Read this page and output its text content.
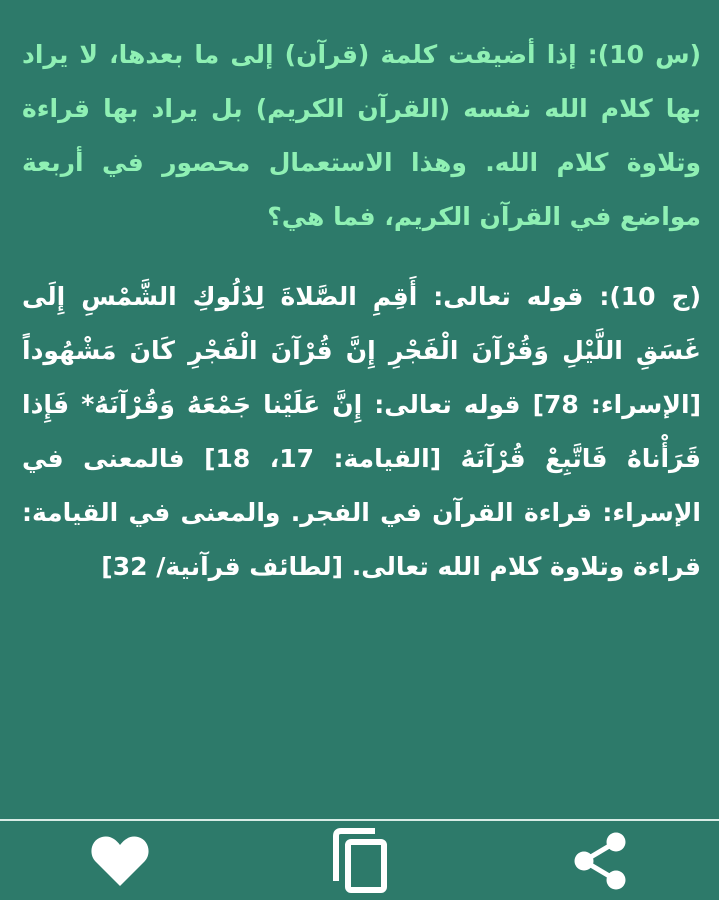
(س 10): إذا أضيفت كلمة (قرآن) إلى ما بعدها، لا يراد بها كلام الله نفسه (القرآن الكريم) بل يراد بها قراءة وتلاوة كلام الله. وهذا الاستعمال محصور في أربعة مواضع في القرآن الكريم، فما هي؟

(ج 10): قوله تعالى: أَقِمِ الصَّلاةَ لِدُلُوكِ الشَّمْسِ إِلَى غَسَقِ اللَّيْلِ وَقُرْآنَ الْفَجْرِ إِنَّ قُرْآنَ الْفَجْرِ كَانَ مَشْهُوداً [الإسراء: 78] قوله تعالى: إِنَّ عَلَيْنا جَمْعَهُ وَقُرْآنَهُ* فَإِذا قَرَأْناهُ فَاتَّبِعْ قُرْآنَهُ [القيامة: 17، 18] فالمعنى في الإسراء: قراءة القرآن في الفجر. والمعنى في القيامة: قراءة وتلاوة كلام الله تعالى. [لطائف قرآنية/ 32]
